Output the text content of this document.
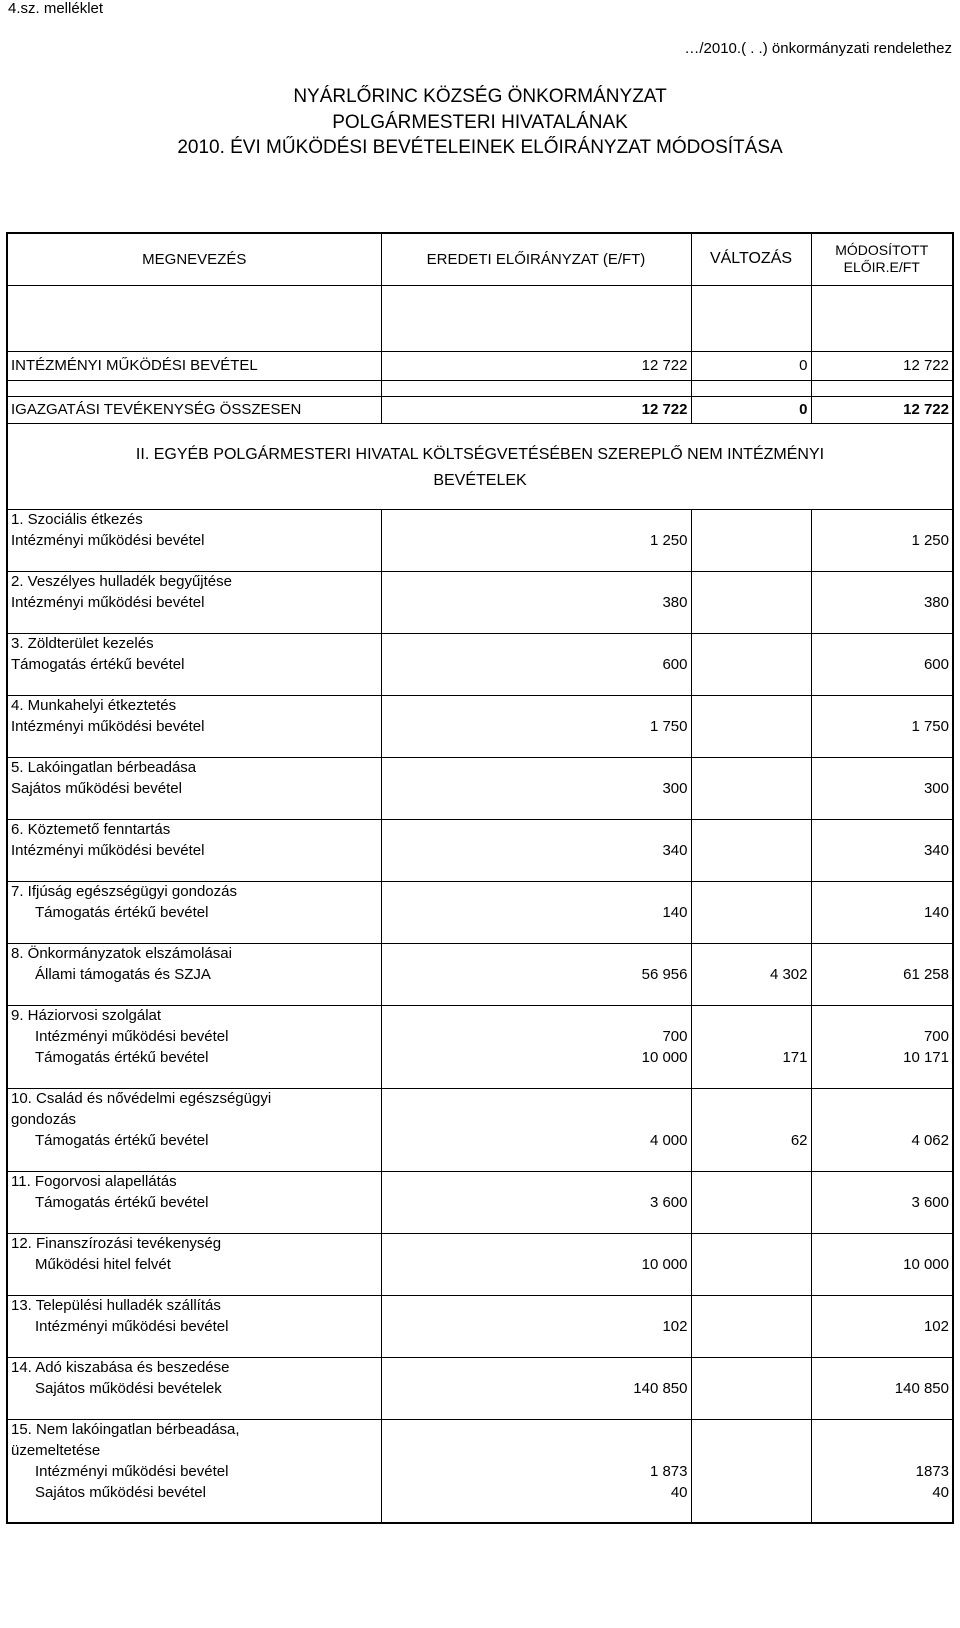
4.sz. melléklet
…/2010.( . .) önkormányzati rendelethez
NYÁRLŐRINC KÖZSÉG ÖNKORMÁNYZAT
POLGÁRMESTERI HIVATALÁNAK
2010. ÉVI MŰKÖDÉSI BEVÉTELEINEK ELŐIRÁNYZAT MÓDOSÍTÁSA
MEGNEVEZÉS	EREDETI ELŐIRÁNYZAT (E/FT)	VÁLTOZÁS	MÓDOSÍTOTT
ELŐIR.E/FT

INTÉZMÉNYI MŰKÖDÉSI BEVÉTEL	12 722	0	12 722

IGAZGATÁSI TEVÉKENYSÉG ÖSSZESEN	12 722	0	12 722
II. EGYÉB POLGÁRMESTERI HIVATAL KÖLTSÉGVETÉSÉBEN SZEREPLŐ NEM INTÉZMÉNYI
BEVÉTELEK			
1. Szociális étkezés			
Intézményi működési bevétel	1 250		1 250

2. Veszélyes hulladék begyűjtése			
Intézményi működési bevétel	380		380

3. Zöldterület kezelés			
Támogatás értékű bevétel	600		600

4. Munkahelyi étkeztetés			
Intézményi működési bevétel	1 750		1 750

5. Lakóingatlan bérbeadása			
Sajátos működési bevétel	300		300

6. Köztemető fenntartás			
Intézményi működési bevétel	340		340

7. Ifjúság egészségügyi gondozás			
Támogatás értékű bevétel	140		140

8. Önkormányzatok elszámolásai			
Állami támogatás és SZJA	56 956	4 302	61 258

9. Háziorvosi szolgálat			
Intézményi működési bevétel	700		700
Támogatás értékű bevétel	10 000	171	10 171

10. Család és nővédelmi egészségügyi			
gondozás			
Támogatás értékű bevétel	4 000	62	4 062

11. Fogorvosi alapellátás			
Támogatás értékű bevétel	3 600		3 600

12. Finanszírozási tevékenység			
Működési hitel felvét	10 000		10 000

13. Települési hulladék szállítás			
Intézményi működési bevétel	102		102

14. Adó kiszabása és beszedése			
Sajátos működési bevételek	140 850		140 850

15. Nem lakóingatlan bérbeadása,			
üzemeltetése			
Intézményi működési bevétel	1 873		1873
Sajátos működési bevétel	40		40
